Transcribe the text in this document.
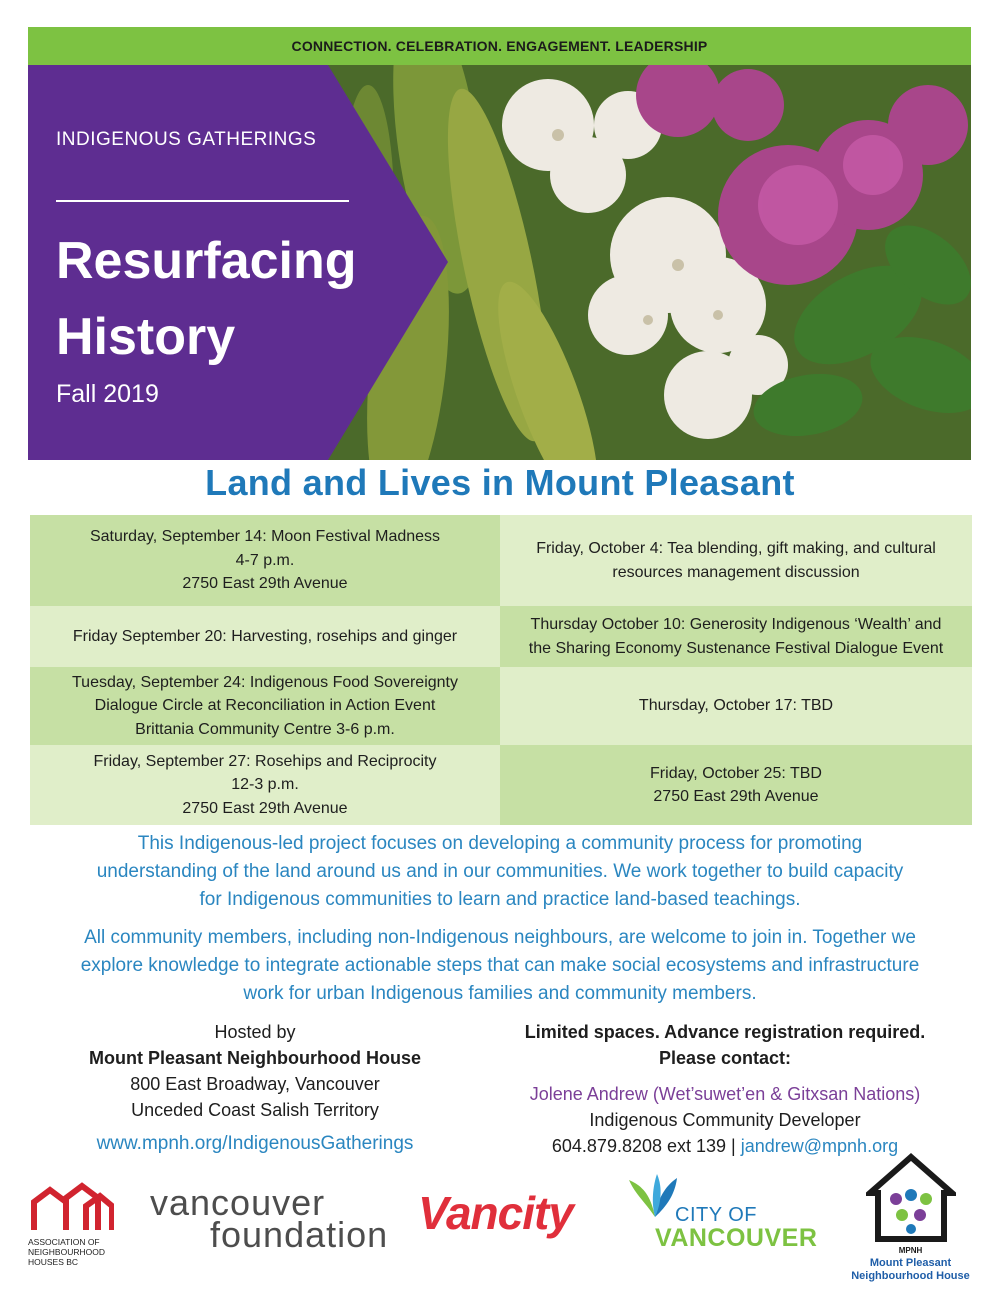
CONNECTION. CELEBRATION. ENGAGEMENT. LEADERSHIP
INDIGENOUS GATHERINGS
Resurfacing
History
Fall 2019
Land and Lives in Mount Pleasant
Saturday, September 14: Moon Festival Madness
4-7 p.m.
2750 East 29th Avenue
Friday, October 4: Tea blending, gift making, and cultural
resources management discussion
Friday September 20: Harvesting, rosehips and ginger
Thursday October 10: Generosity Indigenous ‘Wealth’ and
the Sharing Economy Sustenance Festival Dialogue Event
Tuesday, September 24: Indigenous Food Sovereignty
Dialogue Circle at Reconciliation in Action Event
Brittania Community Centre 3-6 p.m.
Thursday, October 17: TBD
Friday, September 27: Rosehips and Reciprocity
12-3 p.m.
2750 East 29th Avenue
Friday, October 25: TBD
2750 East 29th Avenue
This Indigenous-led project focuses on developing a community process for promoting
understanding of the land around us and in our communities. We work together to build capacity
for Indigenous communities to learn and practice land-based teachings.
All community members, including non-Indigenous neighbours, are welcome to join in. Together we
explore knowledge to integrate actionable steps that can make social ecosystems and infrastructure
work for urban Indigenous families and community members.
Hosted by
Mount Pleasant Neighbourhood House
800 East Broadway, Vancouver
Unceded Coast Salish Territory
www.mpnh.org/IndigenousGatherings
Limited spaces. Advance registration required.
Please contact:
Jolene Andrew (Wet’suwet’en & Gitxsan Nations)
Indigenous Community Developer
604.879.8208 ext 139 | jandrew@mpnh.org
ASSOCIATION OF
NEIGHBOURHOOD
HOUSES BC
vancouver
foundation Vancity	CITY OF
VANCOUVER	MPNH
Mount Pleasant
Neighbourhood House
